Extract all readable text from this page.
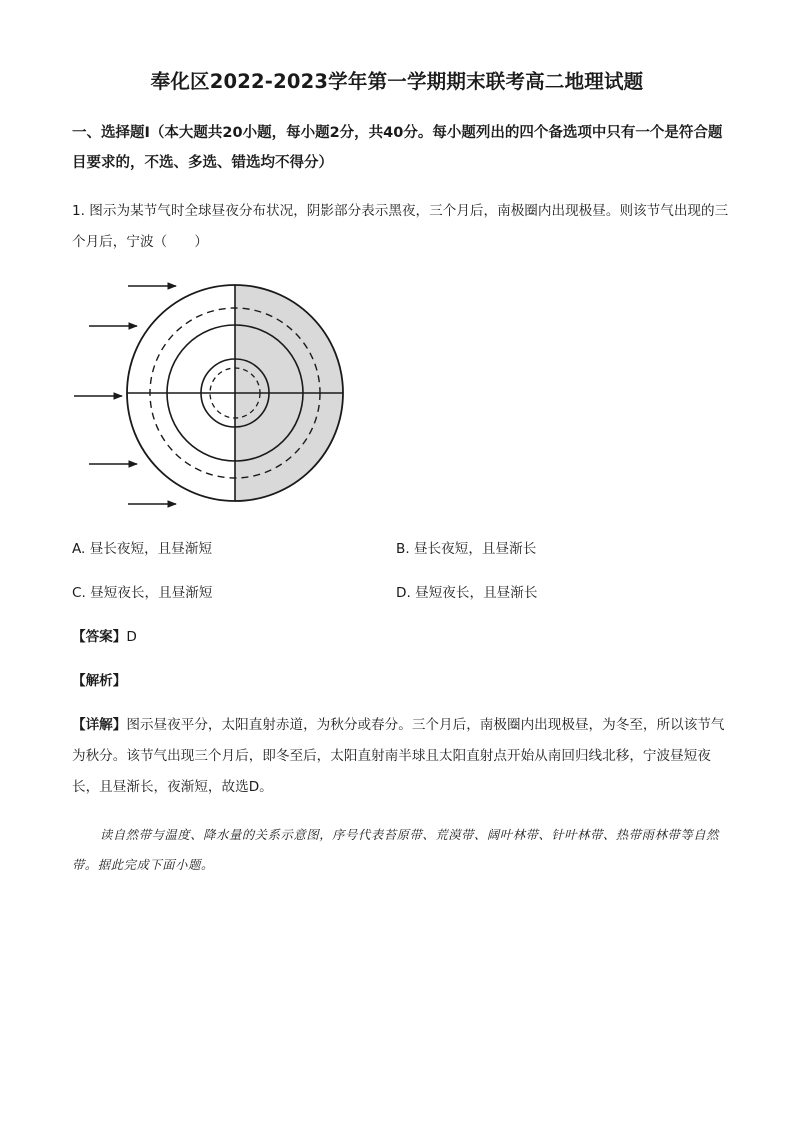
奉化区2022-2023学年第一学期期末联考高二地理试题
一、选择题Ⅰ（本大题共20小题，每小题2分，共40分。每小题列出的四个备选项中只有一个是符合题目要求的，不选、多选、错选均不得分）
1. 图示为某节气时全球昼夜分布状况，阴影部分表示黑夜，三个月后，南极圈内出现极昼。则该节气出现的三个月后，宁波（　　）
A. 昼长夜短，且昼渐短	B. 昼长夜短，且昼渐长
C. 昼短夜长，且昼渐短	D. 昼短夜长，且昼渐长
【答案】D
【解析】
【详解】图示昼夜平分，太阳直射赤道，为秋分或春分。三个月后，南极圈内出现极昼，为冬至，所以该节气为秋分。该节气出现三个月后，即冬至后，太阳直射南半球且太阳直射点开始从南回归线北移，宁波昼短夜长，且昼渐长，夜渐短，故选D。
读自然带与温度、降水量的关系示意图，序号代表苔原带、荒漠带、阔叶林带、针叶林带、热带雨林带等自然带。据此完成下面小题。
